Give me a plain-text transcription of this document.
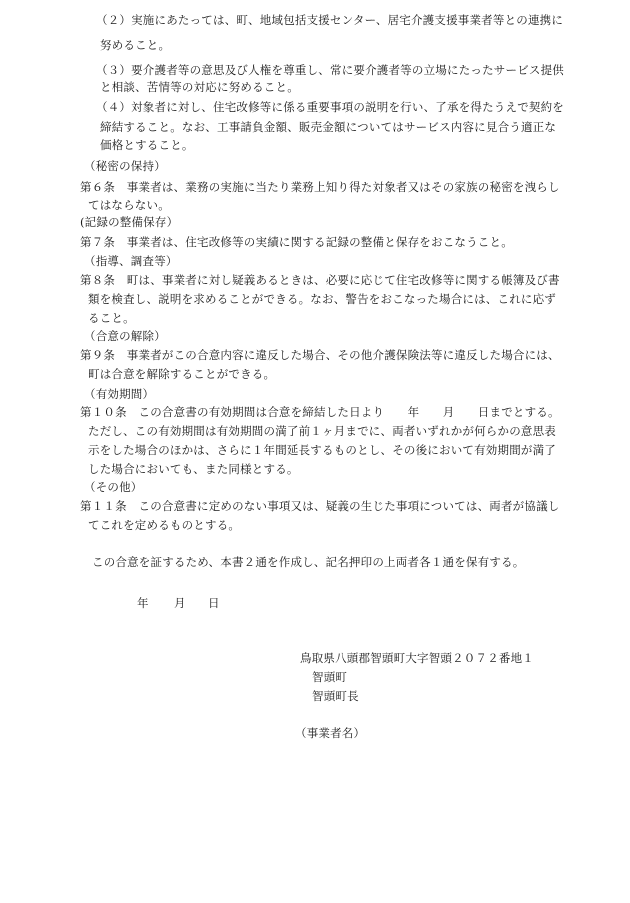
（２）実施にあたっては、町、地域包括支援センター、居宅介護支援事業者等との連携に
努めること。
（３）要介護者等の意思及び人権を尊重し、常に要介護者等の立場にたったサービス提供
と相談、苦情等の対応に努めること。
（４）対象者に対し、住宅改修等に係る重要事項の説明を行い、了承を得たうえで契約を
締結すること。なお、工事請負金額、販売金額についてはサービス内容に見合う適正な
価格とすること。
（秘密の保持）
第６条　事業者は、業務の実施に当たり業務上知り得た対象者又はその家族の秘密を洩らし
てはならない。
(記録の整備保存）
第７条　事業者は、住宅改修等の実績に関する記録の整備と保存をおこなうこと。
（指導、調査等）
第８条　町は、事業者に対し疑義あるときは、必要に応じて住宅改修等に関する帳簿及び書
類を検査し、説明を求めることができる。なお、警告をおこなった場合には、これに応ず
ること。
（合意の解除）
第９条　事業者がこの合意内容に違反した場合、その他介護保険法等に違反した場合には、
町は合意を解除することができる。
（有効期間）
第１０条　この合意書の有効期間は合意を締結した日より　　年　　月　　日までとする。
ただし、この有効期間は有効期間の満了前１ヶ月までに、両者いずれかが何らかの意思表
示をした場合のほかは、さらに１年間延長するものとし、その後において有効期間が満了
した場合においても、また同様とする。
（その他）
第１１条　この合意書に定めのない事項又は、疑義の生じた事項については、両者が協議し
てこれを定めるものとする。
この合意を証するため、本書２通を作成し、記名押印の上両者各１通を保有する。
年 月 日
鳥取県八頭郡智頭町大字智頭２０７２番地１
智頭町
智頭町長
（事業者名）
